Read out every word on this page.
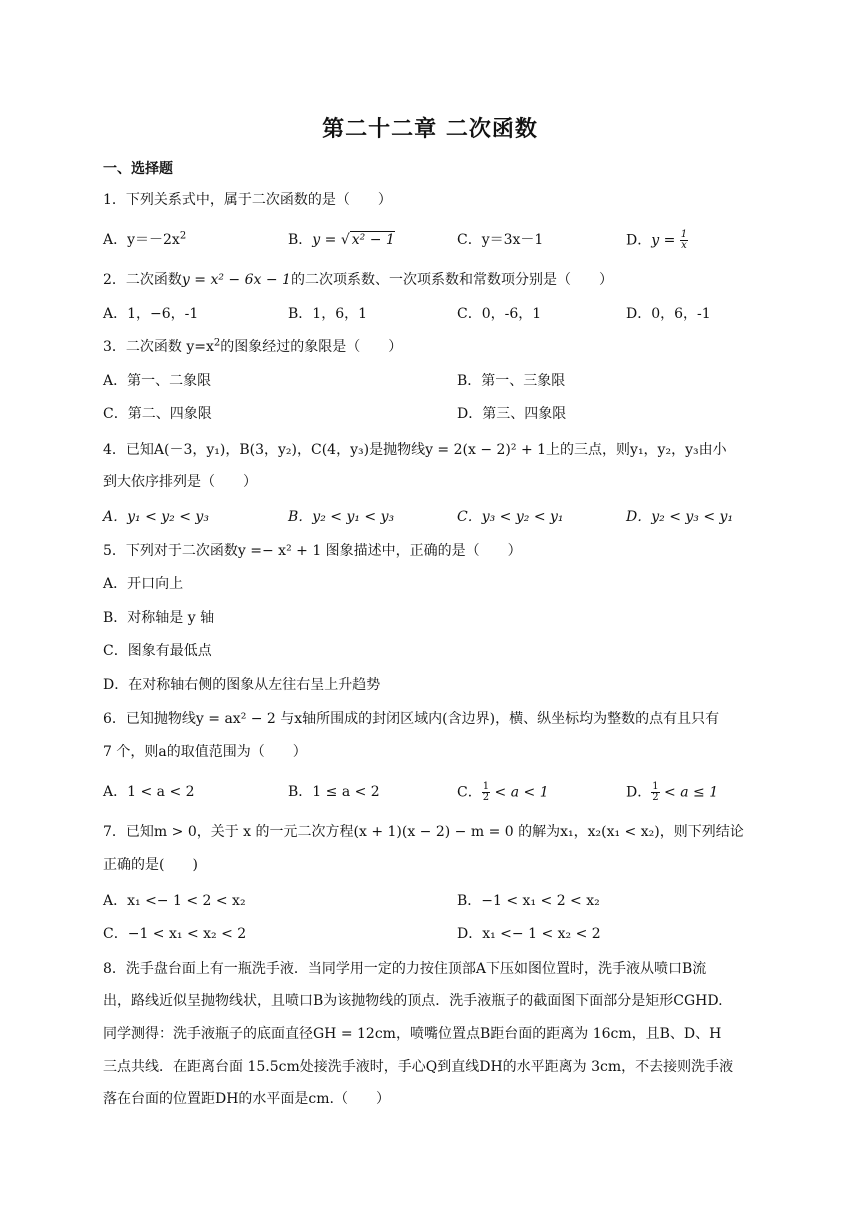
第二十二章 二次函数
一、选择题
1．下列关系式中，属于二次函数的是（　　）
A．$y=-2x^2$	B．y = √ x² − 1	C．y＝3x－1	D．$y = \frac{1}{x}$
2．二次函数y = x² − 6x − 1的二次项系数、一次项系数和常数项分别是（　　）
A．1，−6，-1	B．1，6，1	C．0，-6，1	D．0，6，-1
3．二次函数 $y=x^2$的图象经过的象限是（　　）
A．第一、二象限	B．第一、三象限
C．第二、四象限	D．第三、四象限
4．已知A(－3，y₁)，B(3，y₂)，C(4，y₃)是抛物线y = 2(x − 2)² + 1上的三点，则y₁，y₂，y₃由小
到大依序排列是（　　）
A．y₁ < y₂ < y₃	B．y₂ < y₁ < y₃	C．y₃ < y₂ < y₁	D．y₂ < y₃ < y₁
5．下列对于二次函数y =− x² + 1 图象描述中，正确的是（　　）
A．开口向上
B．对称轴是 y 轴
C．图象有最低点
D．在对称轴右侧的图象从左往右呈上升趋势
6．已知抛物线y = ax² − 2 与x轴所围成的封闭区域内(含边界)，横、纵坐标均为整数的点有且只有
7 个，则a的取值范围为（　　）
A．1 < a < 2	B．1 ≤ a < 2	C． $\frac{1}{2} < a < 1$	D． $\frac{1}{2} < a \le 1$
7．已知m > 0，关于 x 的一元二次方程(x + 1)(x − 2) − m = 0 的解为x₁，x₂(x₁ < x₂)，则下列结论
正确的是(　　)
A．x₁ <− 1 < 2 < x₂	B．−1 < x₁ < 2 < x₂
C．−1 < x₁ < x₂ < 2	D．x₁ <− 1 < x₂ < 2
8．洗手盘台面上有一瓶洗手液．当同学用一定的力按住顶部A下压如图位置时，洗手液从喷口B流
出，路线近似呈抛物线状，且喷口B为该抛物线的顶点．洗手液瓶子的截面图下面部分是矩形CGHD.
同学测得：洗手液瓶子的底面直径GH = 12cm，喷嘴位置点B距台面的距离为 16cm，且B、D、H
三点共线．在距离台面 15.5cm处接洗手液时，手心Q到直线DH的水平距离为 3cm，不去接则洗手液
落在台面的位置距DH的水平面是cm.（　　）
